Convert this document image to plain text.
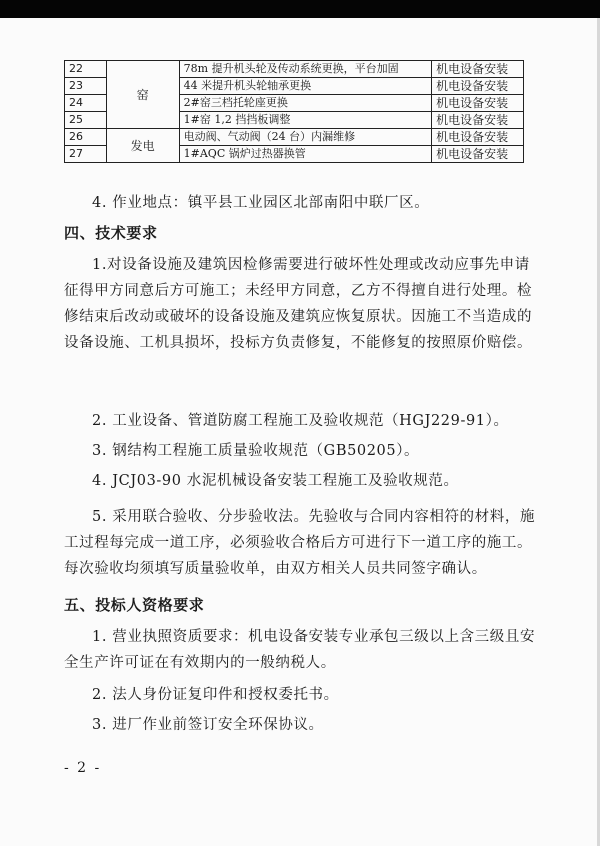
22	窑	78m 提升机头轮及传动系统更换，平台加固	机电设备安装
23		44 米提升机头轮轴承更换	机电设备安装
24		2#窑三档托轮座更换	机电设备安装
25		1#窑 1,2 挡挡板调整	机电设备安装
26	发电	电动阀、气动阀（24 台）内漏维修	机电设备安装
27		1#AQC 锅炉过热器换管	机电设备安装

4. 作业地点：镇平县工业园区北部南阳中联厂区。

四、技术要求

1.对设备设施及建筑因检修需要进行破坏性处理或改动应事先申请征得甲方同意后方可施工；未经甲方同意，乙方不得擅自进行处理。检修结束后改动或破坏的设备设施及建筑应恢复原状。因施工不当造成的设备设施、工机具损坏，投标方负责修复，不能修复的按照原价赔偿。

2. 工业设备、管道防腐工程施工及验收规范（HGJ229-91）。

3. 钢结构工程施工质量验收规范（GB50205）。

4. JCJ03-90 水泥机械设备安装工程施工及验收规范。

5. 采用联合验收、分步验收法。先验收与合同内容相符的材料，施工过程每完成一道工序，必须验收合格后方可进行下一道工序的施工。每次验收均须填写质量验收单，由双方相关人员共同签字确认。

五、投标人资格要求

1. 营业执照资质要求：机电设备安装专业承包三级以上含三级且安全生产许可证在有效期内的一般纳税人。

2. 法人身份证复印件和授权委托书。

3. 进厂作业前签订安全环保协议。

- 2 -
